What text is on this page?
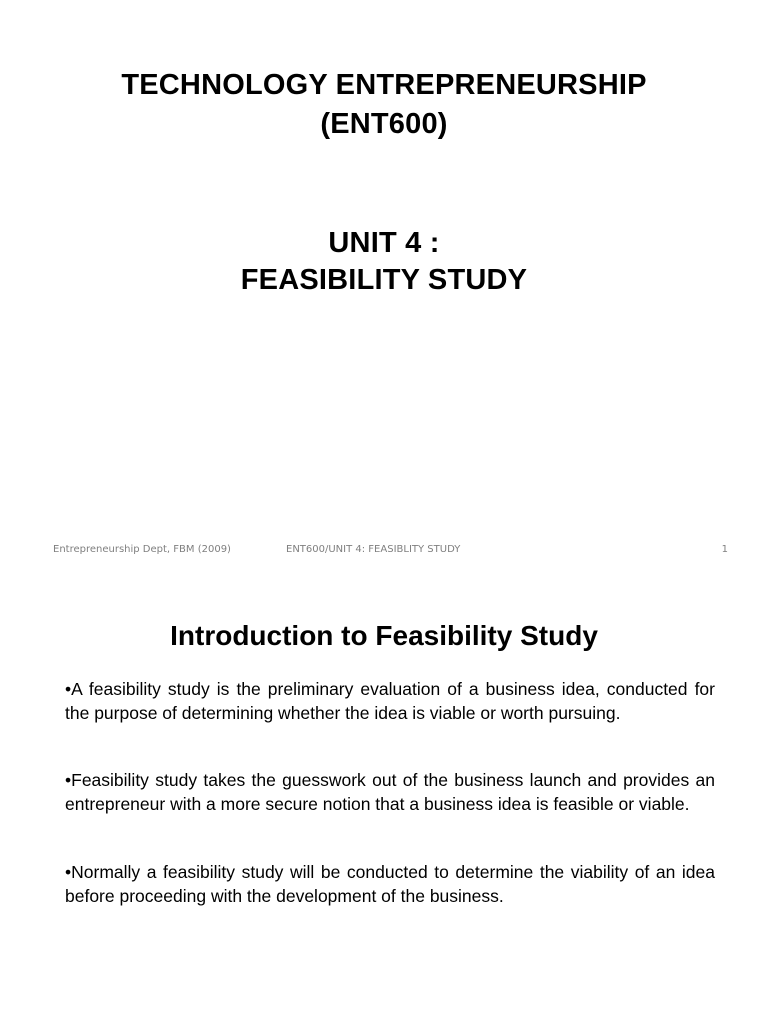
TECHNOLOGY ENTREPRENEURSHIP
(ENT600)
UNIT 4 :
FEASIBILITY STUDY
Entrepreneurship Dept, FBM (2009)	ENT600/UNIT 4: FEASIBLITY STUDY	1
Introduction to Feasibility Study

•A feasibility study is the preliminary evaluation of a business idea, conducted for the purpose of determining whether the idea is viable or worth pursuing.

•Feasibility study takes the guesswork out of the business launch and provides an entrepreneur with a more secure notion that a business idea is feasible or viable.

•Normally a feasibility study will be conducted to determine the viability of an idea before proceeding with the development of the business.
